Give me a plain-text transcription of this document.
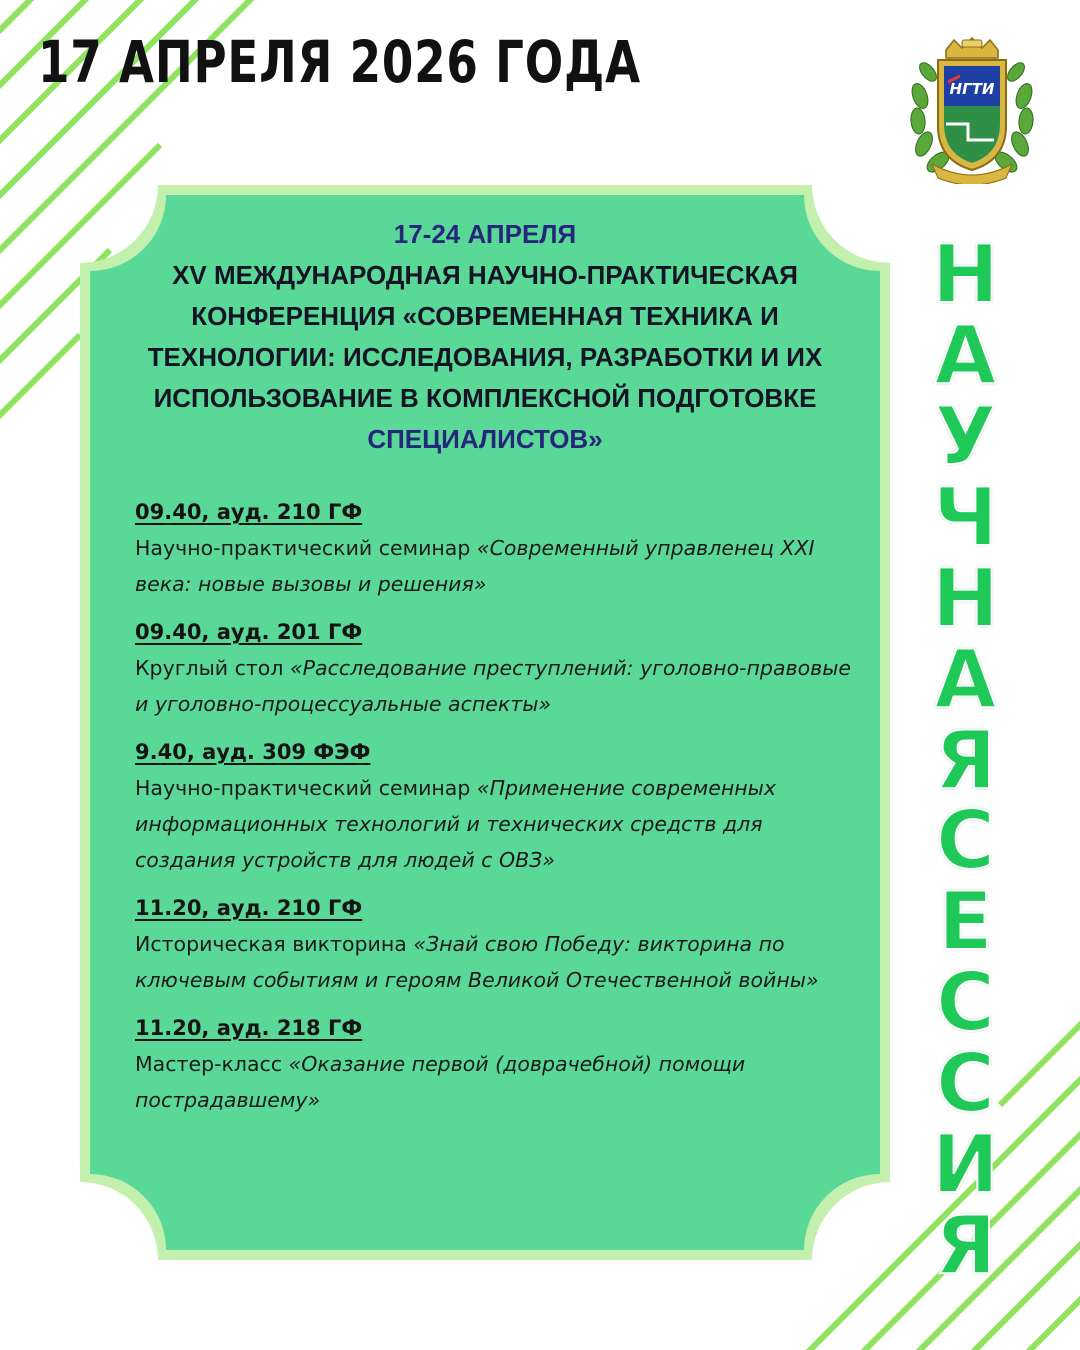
17 АПРЕЛЯ 2026 ГОДА	НГТИ
17-24 АПРЕЛЯ
XV МЕЖДУНАРОДНАЯ НАУЧНО-ПРАКТИЧЕСКАЯ
КОНФЕРЕНЦИЯ «СОВРЕМЕННАЯ ТЕХНИКА И
ТЕХНОЛОГИИ: ИССЛЕДОВАНИЯ, РАЗРАБОТКИ И ИХ
ИСПОЛЬЗОВАНИЕ В КОМПЛЕКСНОЙ ПОДГОТОВКЕ
СПЕЦИАЛИСТОВ»
09.40, ауд. 210 ГФ
Научно-практический семинар «Современный управленец XXI века: новые вызовы и решения»
09.40, ауд. 201 ГФ
Круглый стол «Расследование преступлений: уголовно-правовые и уголовно-процессуальные аспекты»
9.40, ауд. 309 ФЭФ
Научно-практический семинар «Применение современных информационных технологий и технических средств для создания устройств для людей с ОВЗ»
11.20, ауд. 210 ГФ
Историческая викторина «Знай свою Победу: викторина по ключевым событиям и героям Великой Отечественной войны»
11.20, ауд. 218 ГФ
Мастер-класс «Оказание первой (доврачебной) помощи пострадавшему»
Н
А
У
Ч
Н
А
Я
С
Е
С
С
И
Я
